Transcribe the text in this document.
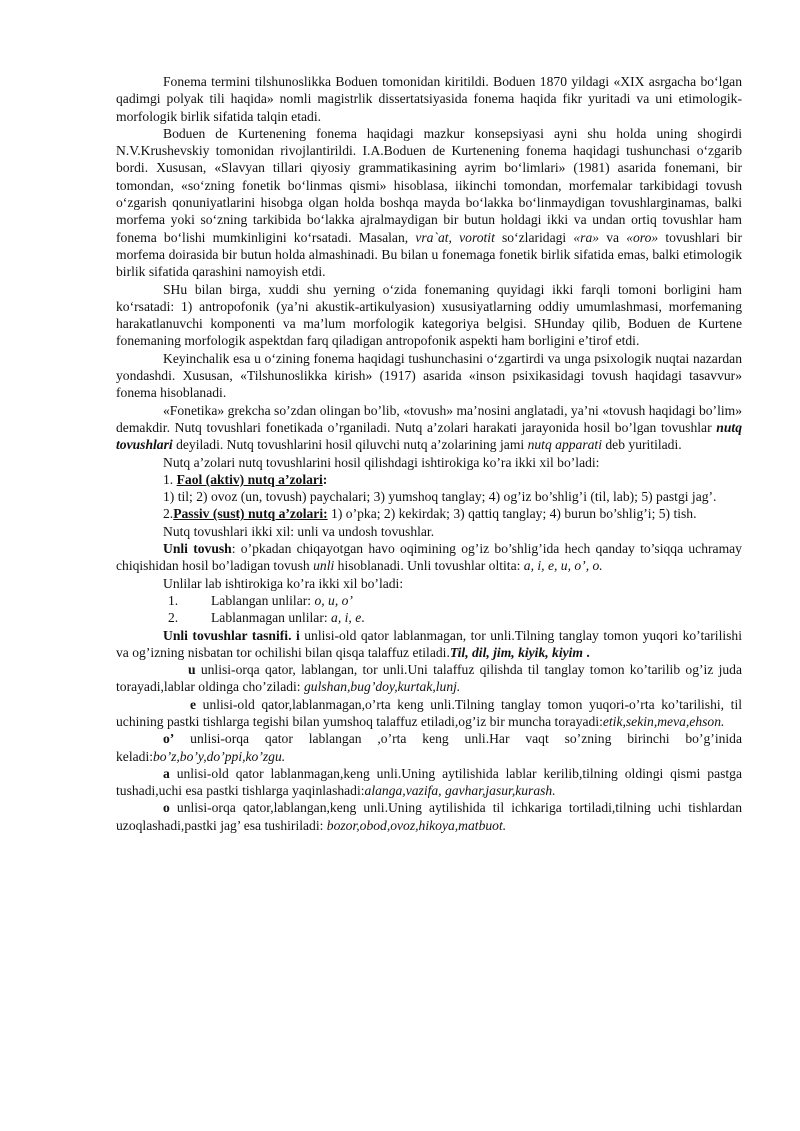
Fonema termini tilshunoslikka Boduen tomonidan kiritildi. Boduen 1870 yildagi «XIX asrgacha bo‘lgan qadimgi polyak tili haqida» nomli magistrlik dissertatsiyasida fonema haqida fikr yuritadi va uni etimologik-morfologik birlik sifatida talqin etadi.

Boduen de Kurtenening fonema haqidagi mazkur konsepsiyasi ayni shu holda uning shogirdi N.V.Krushevskiy tomonidan rivojlantirildi. I.A.Boduen de Kurtenening fonema haqidagi tushunchasi o‘zgarib bordi. Xususan, «Slavyan tillari qiyosiy grammatikasining ayrim bo‘limlari» (1981) asarida fonemani, bir tomondan, «so‘zning fonetik bo‘linmas qismi» hisoblasa, iikinchi tomondan, morfemalar tarkibidagi tovush o‘zgarish qonuniyatlarini hisobga olgan holda boshqa mayda bo‘lakka bo‘linmaydigan tovushlarginamas, balki morfema yoki so‘zning tarkibida bo‘lakka ajralmaydigan bir butun holdagi ikki va undan ortiq tovushlar ham fonema bo‘lishi mumkinligini ko‘rsatadi. Masalan, vra`at, vorotit so‘zlaridagi «ra» va «oro» tovushlari bir morfema doirasida bir butun holda almashinadi. Bu bilan u fonemaga fonetik birlik sifatida emas, balki etimologik birlik sifatida qarashini namoyish etdi.

SHu bilan birga, xuddi shu yerning o‘zida fonemaning quyidagi ikki farqli tomoni borligini ham ko‘rsatadi: 1) antropofonik (ya’ni akustik-artikulyasion) xususiyatlarning oddiy umumlashmasi, morfemaning harakatlanuvchi komponenti va ma’lum morfologik kategoriya belgisi. SHunday qilib, Boduen de Kurtene fonemaning morfologik aspektdan farq qiladigan antropofonik aspekti ham borligini e’tirof etdi.

Keyinchalik esa u o‘zining fonema haqidagi tushunchasini o‘zgartirdi va unga psixologik nuqtai nazardan yondashdi. Xususan, «Tilshunoslikka kirish» (1917) asarida «inson psixikasidagi tovush haqidagi tasavvur» fonema hisoblanadi.

«Fonetika» grekcha so’zdan olingan bo’lib, «tovush» ma’nosini anglatadi, ya’ni «tovush haqidagi bo’lim» demakdir. Nutq tovushlari fonetikada o’rganiladi. Nutq a’zolari harakati jarayonida hosil bo’lgan tovushlar nutq tovushlari deyiladi. Nutq tovushlarini hosil qiluvchi nutq a’zolarining jami nutq apparati deb yuritiladi.

Nutq a’zolari nutq tovushlarini hosil qilishdagi ishtirokiga ko’ra ikki xil bo’ladi:

1. Faol (aktiv) nutq a’zolari:

1) til; 2) ovoz (un, tovush) paychalari; 3) yumshoq tanglay; 4) og’iz bo’shlig’i (til, lab); 5) pastgi jag’.

2.Passiv (sust) nutq a’zolari: 1) o’pka; 2) kekirdak; 3) qattiq tanglay; 4) burun bo’shlig’i; 5) tish.

Nutq tovushlari ikki xil: unli va undosh tovushlar.

Unli tovush: o’pkadan chiqayotgan havo oqimining og’iz bo’shlig’ida hech qanday to’siqqa uchramay chiqishidan hosil bo’ladigan tovush unli hisoblanadi. Unli tovushlar oltita: a, i, e, u, o’, o.

Unlilar lab ishtirokiga ko’ra ikki xil bo’ladi:

1.	Lablangan unlilar: o, u, o’
2.	Lablanmagan unlilar: a, i, e.

Unli tovushlar tasnifi. i unlisi-old qator lablanmagan, tor unli.Tilning tanglay tomon yuqori ko’tarilishi va og’izning nisbatan tor ochilishi bilan qisqa talaffuz etiladi.Til, dil, jim, kiyik, kiyim .

u unlisi-orqa qator, lablangan, tor unli.Uni talaffuz qilishda til tanglay tomon ko’tarilib og’iz juda torayadi,lablar oldinga cho’ziladi: gulshan,bug’doy,kurtak,lunj.

e unlisi-old qator,lablanmagan,o’rta keng unli.Tilning tanglay tomon yuqori-o’rta ko’tarilishi, til uchining pastki tishlarga tegishi bilan yumshoq talaffuz etiladi,og’iz bir muncha torayadi:etik,sekin,meva,ehson.

o’ unlisi-orqa qator lablangan ,o’rta keng unli.Har vaqt so’zning birinchi bo’g’inida keladi:bo’z,bo’y,do’ppi,ko’zgu.

a unlisi-old qator lablanmagan,keng unli.Uning aytilishida lablar kerilib,tilning oldingi qismi pastga tushadi,uchi esa pastki tishlarga yaqinlashadi:alanga,vazifa, gavhar,jasur,kurash.

o unlisi-orqa qator,lablangan,keng unli.Uning aytilishida til ichkariga tortiladi,tilning uchi tishlardan uzoqlashadi,pastki jag’ esa tushiriladi: bozor,obod,ovoz,hikoya,matbuot.
